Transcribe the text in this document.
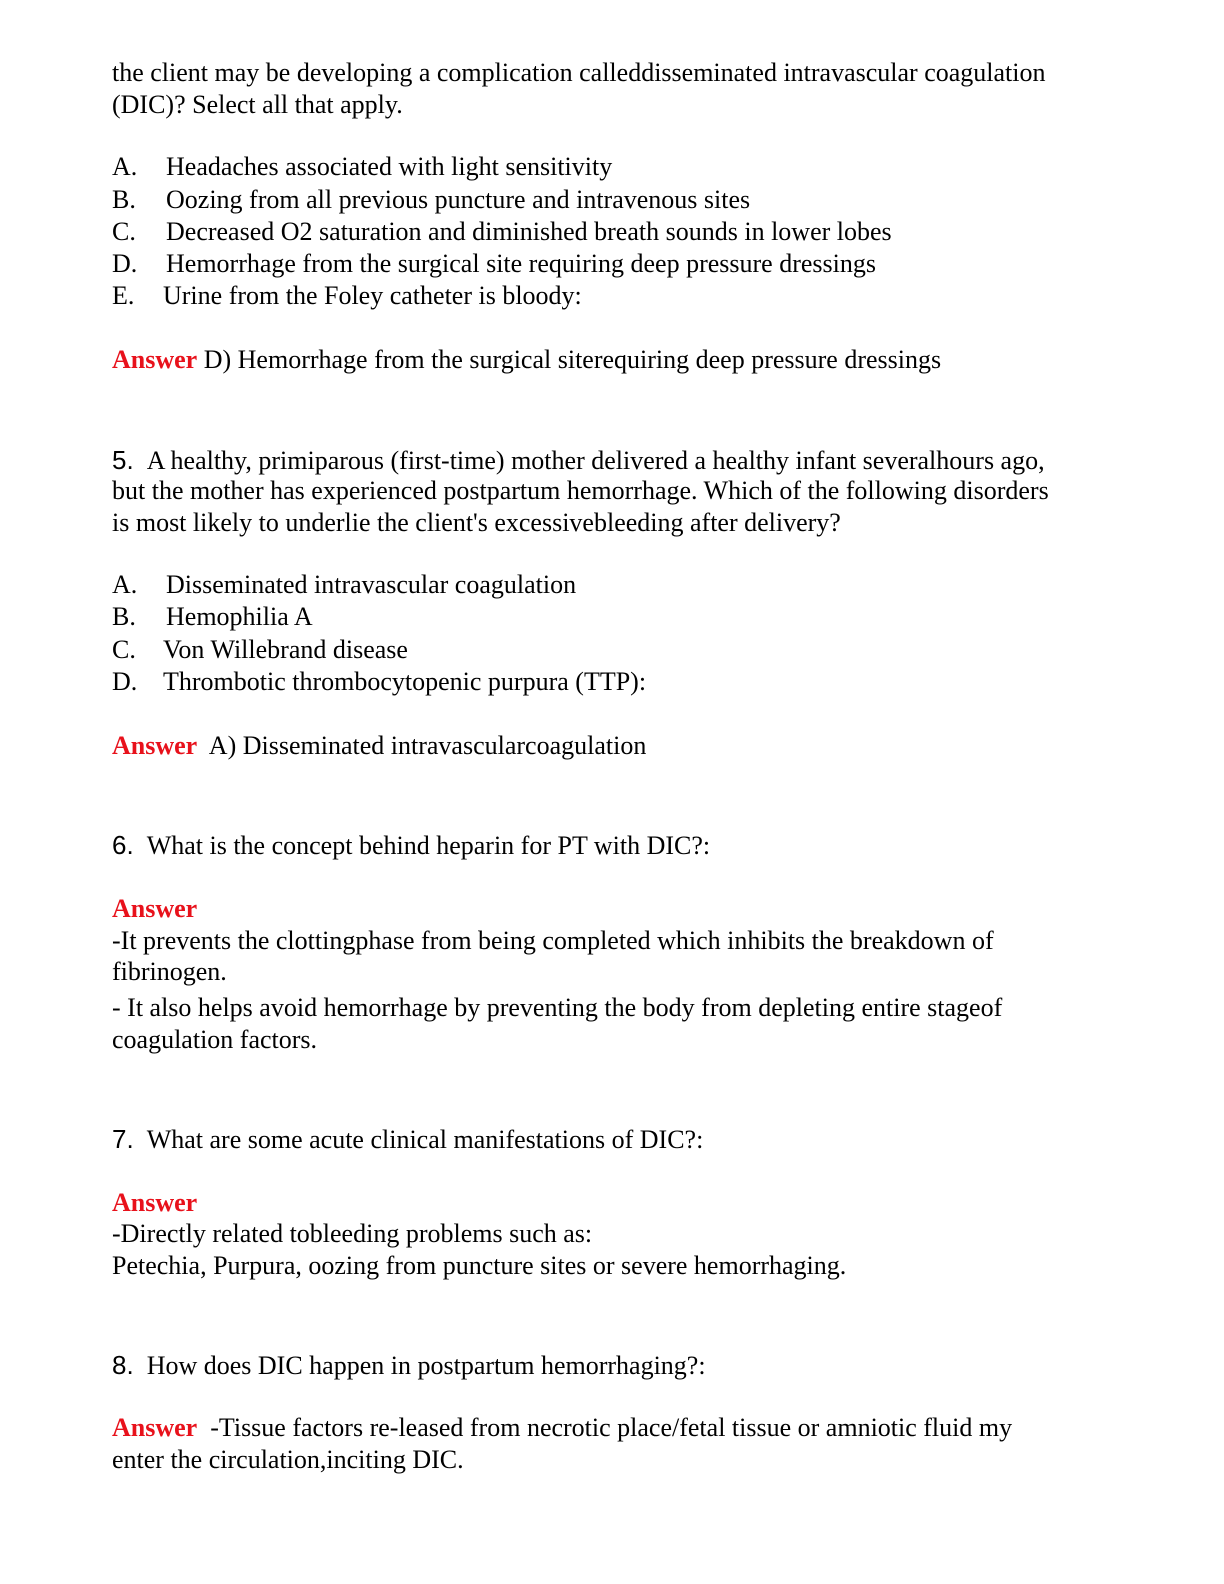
the client may be developing a complication calleddisseminated intravascular coagulation
(DIC)? Select all that apply.
A. Headaches associated with light sensitivity
B. Oozing from all previous puncture and intravenous sites
C. Decreased O2 saturation and diminished breath sounds in lower lobes
D. Hemorrhage from the surgical site requiring deep pressure dressings
E. Urine from the Foley catheter is bloody:
Answer D) Hemorrhage from the surgical siterequiring deep pressure dressings
5. A healthy, primiparous (first-time) mother delivered a healthy infant severalhours ago,
but the mother has experienced postpartum hemorrhage. Which of the following disorders
is most likely to underlie the client's excessivebleeding after delivery?
A. Disseminated intravascular coagulation
B. Hemophilia A
C. Von Willebrand disease
D. Thrombotic thrombocytopenic purpura (TTP):
Answer A) Disseminated intravascularcoagulation
6. What is the concept behind heparin for PT with DIC?:
Answer
-It prevents the clottingphase from being completed which inhibits the breakdown of
fibrinogen.
- It also helps avoid hemorrhage by preventing the body from depleting entire stageof
coagulation factors.
7. What are some acute clinical manifestations of DIC?:
Answer
-Directly related tobleeding problems such as:
Petechia, Purpura, oozing from puncture sites or severe hemorrhaging.
8. How does DIC happen in postpartum hemorrhaging?:
Answer -Tissue factors re-leased from necrotic place/fetal tissue or amniotic fluid my
enter the circulation,inciting DIC.
